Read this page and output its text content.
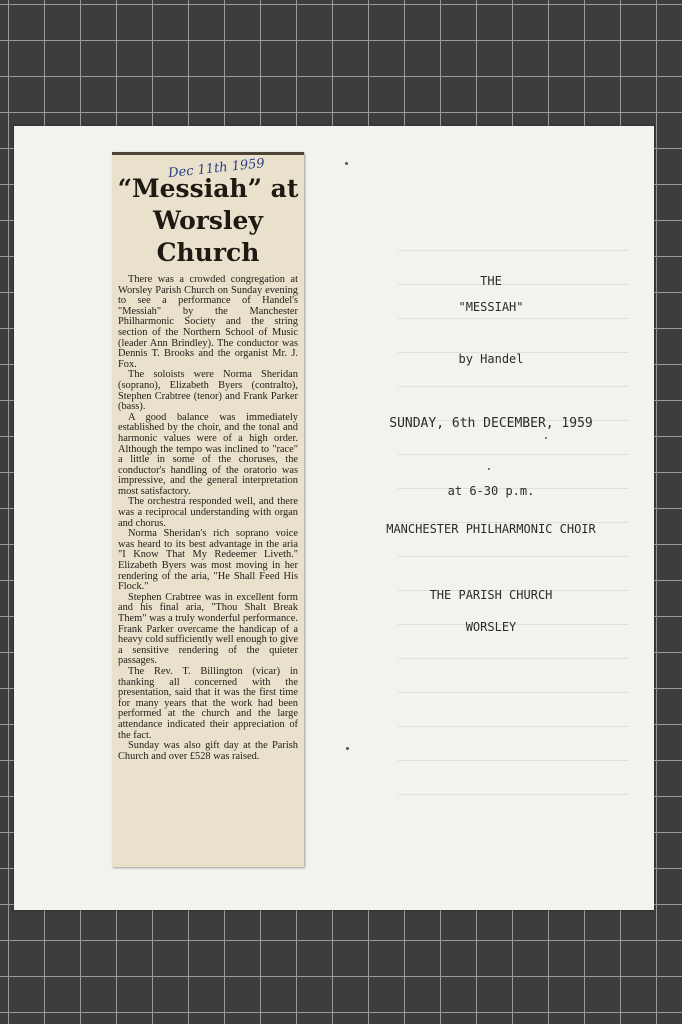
Dec 11th 1959
“Messiah” at
Worsley
Church

There was a crowded congregation at Worsley Parish Church on Sunday evening to see a performance of Handel's "Messiah" by the Manchester Philharmonic Society and the string section of the Northern School of Music (leader Ann Brindley). The conductor was Dennis T. Brooks and the organist Mr. J. Fox.

The soloists were Norma Sheridan (soprano), Elizabeth Byers (contralto), Stephen Crabtree (tenor) and Frank Parker (bass).

A good balance was immediately established by the choir, and the tonal and harmonic values were of a high order. Although the tempo was inclined to "race" a little in some of the choruses, the conductor's handling of the oratorio was impressive, and the general interpretation most satisfactory.

The orchestra responded well, and there was a reciprocal understanding with organ and chorus.

Norma Sheridan's rich soprano voice was heard to its best advantage in the aria "I Know That My Redeemer Liveth." Elizabeth Byers was most moving in her rendering of the aria, "He Shall Feed His Flock."

Stephen Crabtree was in excellent form and his final aria, "Thou Shalt Break Them" was a truly wonderful performance. Frank Parker overcame the handicap of a heavy cold sufficiently well enough to give a sensitive rendering of the quieter passages.

The Rev. T. Billington (vicar) in thanking all concerned with the presentation, said that it was the first time for many years that the work had been performed at the church and the large attendance indicated their appreciation of the fact.

Sunday was also gift day at the Parish Church and over £528 was raised.

THE
"MESSIAH"
by Handel
SUNDAY, 6th DECEMBER, 1959
at 6-30 p.m.
MANCHESTER PHILHARMONIC CHOIR
THE PARISH CHURCH
WORSLEY
